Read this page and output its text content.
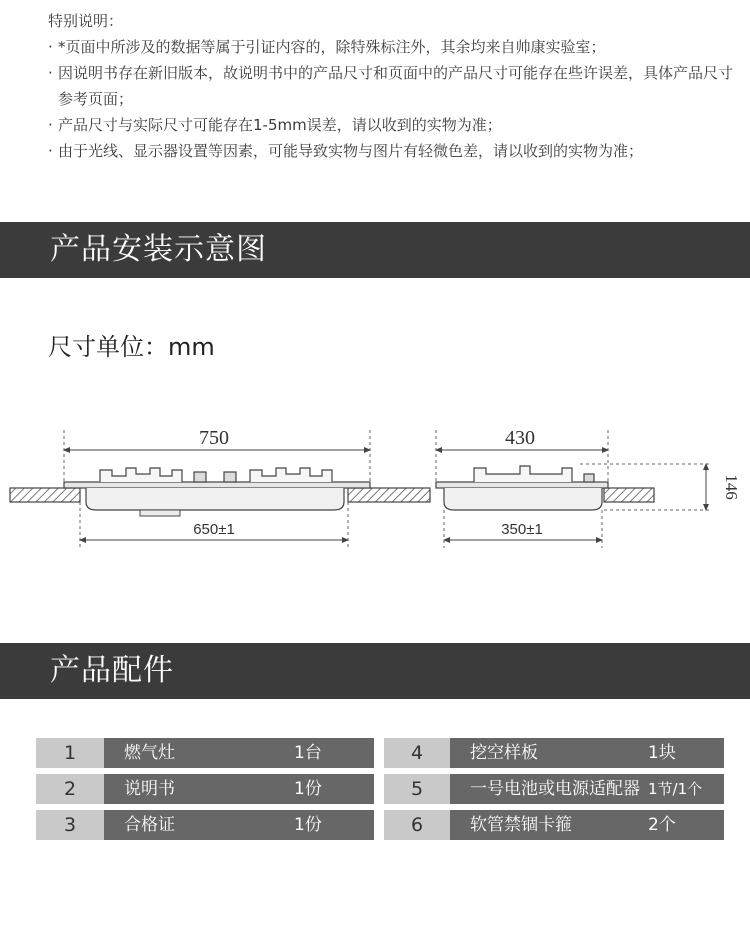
特别说明：
· *页面中所涉及的数据等属于引证内容的，除特殊标注外，其余均来自帅康实验室；
· 因说明书存在新旧版本，故说明书中的产品尺寸和页面中的产品尺寸可能存在些许误差，具体产品尺寸参考页面；
· 产品尺寸与实际尺寸可能存在1-5mm误差，请以收到的实物为准；
· 由于光线、显示器设置等因素，可能导致实物与图片有轻微色差，请以收到的实物为准；
产品安装示意图
尺寸单位：mm
750
650±1
430
350±1
146
产品配件
1	燃气灶	1台
2	说明书	1份
3	合格证	1份
4	挖空样板	1块
5	一号电池或电源适配器 1节/1个
6	软管禁锢卡箍	2个
